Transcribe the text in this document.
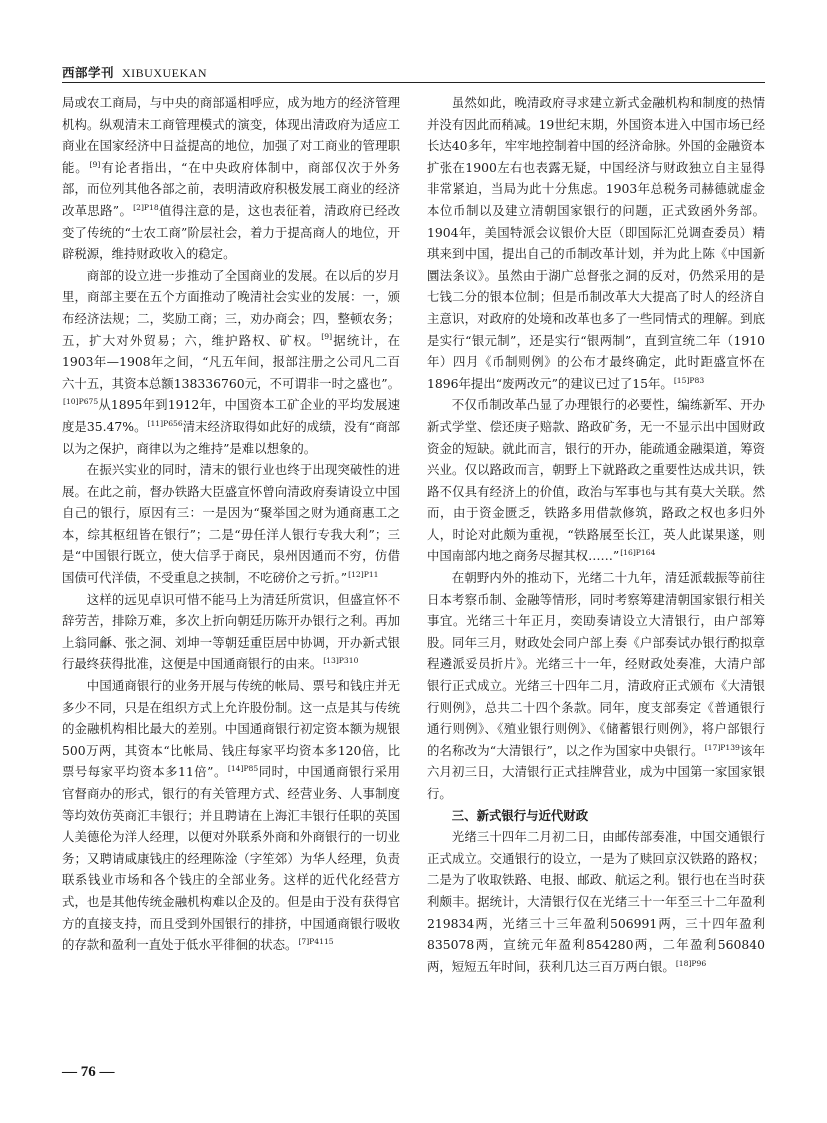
西部学刊 XIBUXUEKAN

局或农工商局，与中央的商部遥相呼应，成为地方的经济管理机构。纵观清末工商管理模式的演变，体现出清政府为适应工商业在国家经济中日益提高的地位，加强了对工商业的管理职能。[9]有论者指出，“在中央政府体制中，商部仅次于外务部，而位列其他各部之前，表明清政府积极发展工商业的经济改革思路”。$^{[2]P18}$值得注意的是，这也表征着，清政府已经改变了传统的“士农工商”阶层社会，着力于提高商人的地位，开辟税源，维持财政收入的稳定。

商部的设立进一步推动了全国商业的发展。在以后的岁月里，商部主要在五个方面推动了晚清社会实业的发展：一，颁布经济法规；二，奖励工商；三，劝办商会；四，整顿农务；五，扩大对外贸易；六，维护路权、矿权。[9]据统计，在1903年—1908年之间，“凡五年间，报部注册之公司凡二百六十五，其资本总额138336760元，不可谓非一时之盛也”。$^{[10]P675}$从1895年到1912年，中国资本工矿企业的平均发展速度是35.47%。$^{[11]P656}$清末经济取得如此好的成绩，没有“商部以为之保护，商律以为之维持”是难以想象的。

在振兴实业的同时，清末的银行业也终于出现突破性的进展。在此之前，督办铁路大臣盛宣怀曾向清政府奏请设立中国自己的银行，原因有三：一是因为“聚举国之财为通商惠工之本，综其枢纽皆在银行”；二是“毋任洋人银行专我大利”；三是“中国银行既立，使大信孚于商民，泉州因通而不穷，仿借国债可代洋债，不受重息之挟制，不吃磅价之亏折。”$^{[12]P11}$

这样的远见卓识可惜不能马上为清廷所赏识，但盛宣怀不辞劳苦，排除万难，多次上折向朝廷历陈开办银行之利。再加上翁同龢、张之洞、刘坤一等朝廷重臣居中协调，开办新式银行最终获得批准，这便是中国通商银行的由来。$^{[13]P310}$

中国通商银行的业务开展与传统的帐局、票号和钱庄并无多少不同，只是在组织方式上允许股份制。这一点是其与传统的金融机构相比最大的差别。中国通商银行初定资本额为规银500万两，其资本“比帐局、钱庄每家平均资本多120倍，比票号每家平均资本多11倍”。$^{[14]P85}$同时，中国通商银行采用官督商办的形式，银行的有关管理方式、经营业务、人事制度等均效仿英商汇丰银行；并且聘请在上海汇丰银行任职的英国人美德伦为洋人经理，以便对外联系外商和外商银行的一切业务；又聘请咸康钱庄的经理陈淦（字笙郊）为华人经理，负责联系钱业市场和各个钱庄的全部业务。这样的近代化经营方式，也是其他传统金融机构难以企及的。但是由于没有获得官方的直接支持，而且受到外国银行的排挤，中国通商银行吸收的存款和盈利一直处于低水平徘徊的状态。$^{[7]P4115}$

虽然如此，晚清政府寻求建立新式金融机构和制度的热情并没有因此而稍减。19世纪末期，外国资本进入中国市场已经长达40多年，牢牢地控制着中国的经济命脉。外国的金融资本扩张在1900左右也表露无疑，中国经济与财政独立自主显得非常紧迫，当局为此十分焦虑。1903年总税务司赫德就虚金本位币制以及建立清朝国家银行的问题，正式致函外务部。1904年，美国特派会议银价大臣（即国际汇兑调查委员）精琪来到中国，提出自己的币制改革计划，并为此上陈《中国新圜法条议》。虽然由于湖广总督张之洞的反对，仍然采用的是七钱二分的银本位制；但是币制改革大大提高了时人的经济自主意识，对政府的处境和改革也多了一些同情式的理解。到底是实行“银元制”，还是实行“银两制”，直到宣统二年（1910年）四月《币制则例》的公布才最终确定，此时距盛宣怀在1896年提出“废两改元”的建议已过了15年。$^{[15]P83}$

不仅币制改革凸显了办理银行的必要性，编练新军、开办新式学堂、偿还庚子赔款、路政矿务，无一不显示出中国财政资金的短缺。就此而言，银行的开办，能疏通金融渠道，筹资兴业。仅以路政而言，朝野上下就路政之重要性达成共识，铁路不仅具有经济上的价值，政治与军事也与其有莫大关联。然而，由于资金匮乏，铁路多用借款修筑，路政之权也多归外人，时论对此颇为重视，“铁路展至长江，英人此谋果遂，则中国南部内地之商务尽握其权……”$^{[16]P164}$

在朝野内外的推动下，光绪二十九年，清廷派载振等前往日本考察币制、金融等情形，同时考察筹建清朝国家银行相关事宜。光绪三十年正月，奕劻奏请设立大清银行，由户部筹股。同年三月，财政处会同户部上奏《户部奏试办银行酌拟章程遴派妥员折片》。光绪三十一年，经财政处奏准，大清户部银行正式成立。光绪三十四年二月，清政府正式颁布《大清银行则例》，总共二十四个条款。同年，度支部奏定《普通银行通行则例》、《殖业银行则例》、《储蓄银行则例》，将户部银行的名称改为“大清银行”，以之作为国家中央银行。$^{[17]P139}$该年六月初三日，大清银行正式挂牌营业，成为中国第一家国家银行。

三、新式银行与近代财政

光绪三十四年二月初二日，由邮传部奏准，中国交通银行正式成立。交通银行的设立，一是为了赎回京汉铁路的路权；二是为了收取铁路、电报、邮政、航运之利。银行也在当时获利颇丰。据统计，大清银行仅在光绪三十一年至三十二年盈利219834两，光绪三十三年盈利506991两，三十四年盈利835078两，宣统元年盈利854280两，二年盈利560840两，短短五年时间，获利几达三百万两白银。$^{[18]P96}$

— 76 —
